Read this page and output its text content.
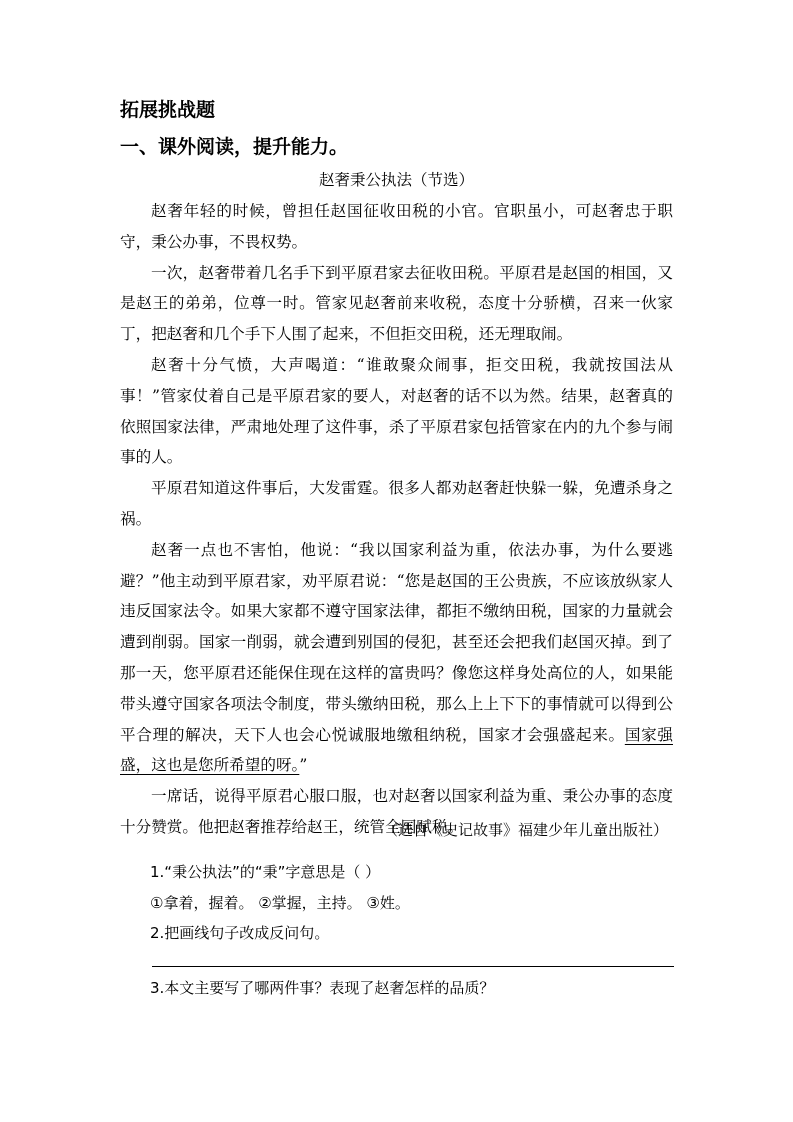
拓展挑战题
一、课外阅读，提升能力。
赵奢秉公执法（节选）

赵奢年轻的时候，曾担任赵国征收田税的小官。官职虽小，可赵奢忠于职守，秉公办事，不畏权势。

一次，赵奢带着几名手下到平原君家去征收田税。平原君是赵国的相国，又是赵王的弟弟，位尊一时。管家见赵奢前来收税，态度十分骄横，召来一伙家丁，把赵奢和几个手下人围了起来，不但拒交田税，还无理取闹。

赵奢十分气愤，大声喝道：“谁敢聚众闹事，拒交田税，我就按国法从事！”管家仗着自己是平原君家的要人，对赵奢的话不以为然。结果，赵奢真的依照国家法律，严肃地处理了这件事，杀了平原君家包括管家在内的九个参与闹事的人。

平原君知道这件事后，大发雷霆。很多人都劝赵奢赶快躲一躲，免遭杀身之祸。

赵奢一点也不害怕，他说：“我以国家利益为重，依法办事，为什么要逃避？”他主动到平原君家，劝平原君说：“您是赵国的王公贵族，不应该放纵家人违反国家法令。如果大家都不遵守国家法律，都拒不缴纳田税，国家的力量就会遭到削弱。国家一削弱，就会遭到别国的侵犯，甚至还会把我们赵国灭掉。到了那一天，您平原君还能保住现在这样的富贵吗？像您这样身处高位的人，如果能带头遵守国家各项法令制度，带头缴纳田税，那么上上下下的事情就可以得到公平合理的解决，天下人也会心悦诚服地缴租纳税，国家才会强盛起来。国家强盛，这也是您所希望的呀。”

一席话，说得平原君心服口服，也对赵奢以国家利益为重、秉公办事的态度十分赞赏。他把赵奢推荐给赵王，统管全国赋税。

（选自《史记故事》福建少年儿童出版社）
1.“秉公执法”的“秉”字意思是（ ）
①拿着，握着。 ②掌握，主持。 ③姓。
2.把画线句子改成反问句。
3.本文主要写了哪两件事？表现了赵奢怎样的品质？
